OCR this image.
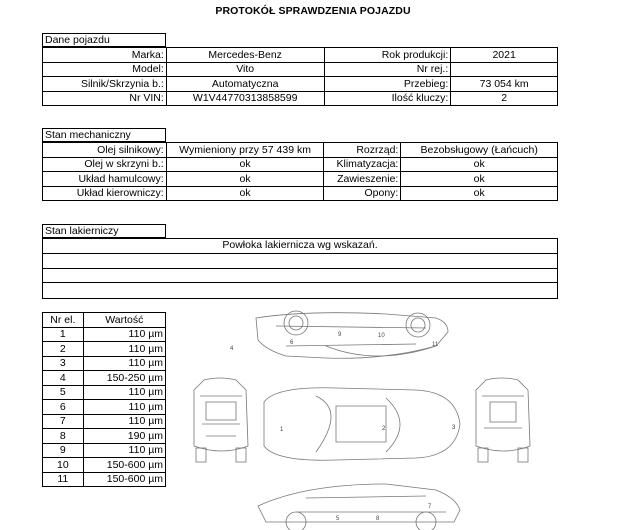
PROTOKÓŁ SPRAWDZENIA POJAZDU
Dane pojazdu
Marka:	Mercedes-Benz	Rok produkcji:	2021
Model:	Vito	Nr rej.:	
Silnik/Skrzynia b.:	Automatyczna	Przebieg:	73 054 km
Nr VIN:	W1V44770313858599	Ilość kluczy:	2
Stan mechaniczny
Olej silnikowy:	Wymieniony przy 57 439 km	Rozrząd:	Bezobsługowy (Łańcuch)
Olej w skrzyni b.:	ok	Klimatyzacja:	ok
Układ hamulcowy:	ok	Zawieszenie:	ok
Układ kierowniczy:	ok	Opony:	ok
Stan lakierniczy
Powłoka lakiernicza wg wskazań.
Nr el.	Wartość
1	110 µm
2	110 µm
3	110 µm
4	150-250 µm
5	110 µm
6	110 µm
7	110 µm
8	190 µm
9	110 µm
10	150-600 µm
11	150-600 µm
1	2	3
4
5
6
7
8
9	10
11
